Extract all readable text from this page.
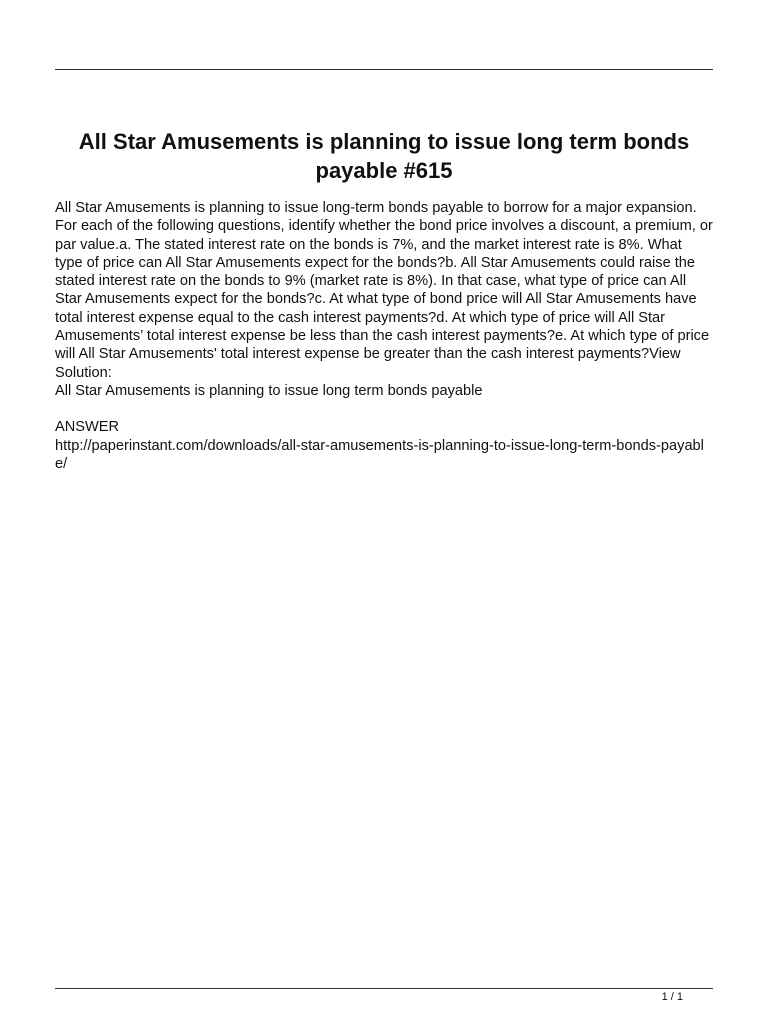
All Star Amusements is planning to issue long term bonds payable #615

All Star Amusements is planning to issue long-term bonds payable to borrow for a major expansion. For each of the following questions, identify whether the bond price involves a discount, a premium, or par value.a. The stated interest rate on the bonds is 7%, and the market interest rate is 8%. What type of price can All Star Amusements expect for the bonds?b. All Star Amusements could raise the stated interest rate on the bonds to 9% (market rate is 8%). In that case, what type of price can All Star Amusements expect for the bonds?c. At what type of bond price will All Star Amusements have total interest expense equal to the cash interest payments?d. At which type of price will All Star Amusements’ total interest expense be less than the cash interest payments?e. At which type of price will All Star Amusements' total interest expense be greater than the cash interest payments?View Solution:

All Star Amusements is planning to issue long term bonds payable

ANSWER

http://paperinstant.com/downloads/all-star-amusements-is-planning-to-issue-long-term-bonds-payable/

1 / 1
